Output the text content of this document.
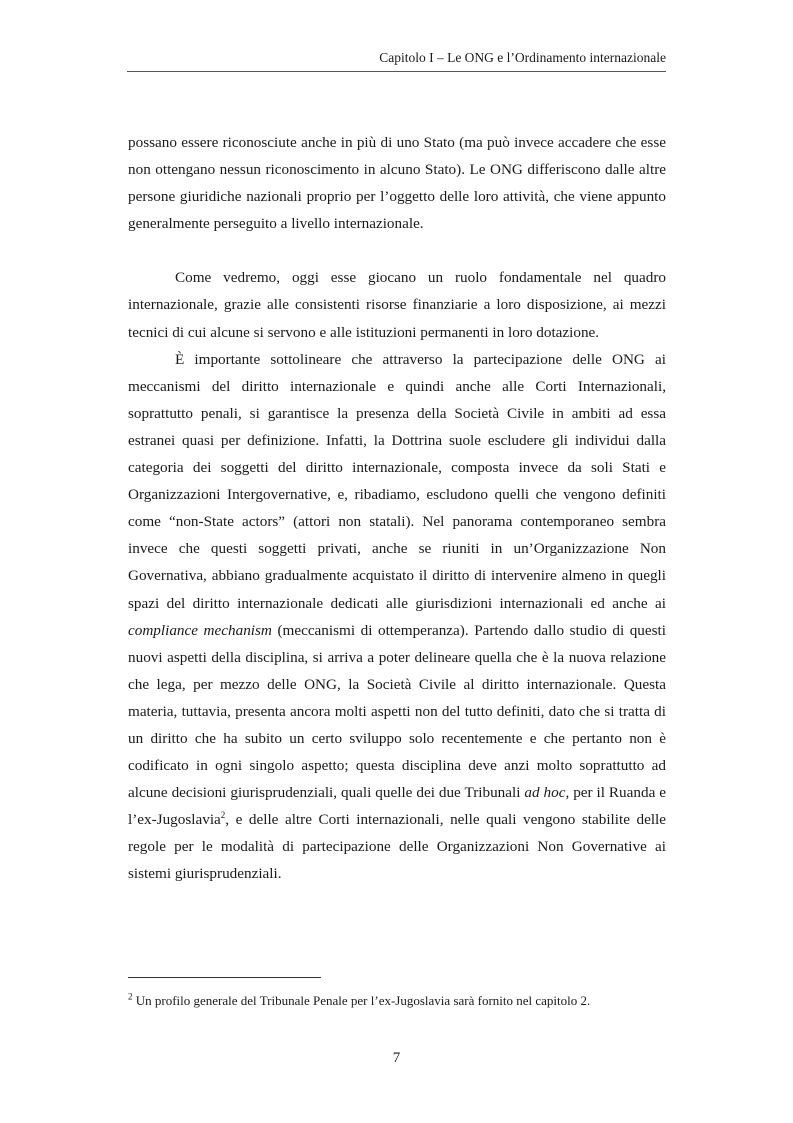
Capitolo I – Le ONG e l’Ordinamento internazionale

possano essere riconosciute anche in più di uno Stato (ma può invece accadere che esse non ottengano nessun riconoscimento in alcuno Stato). Le ONG differiscono dalle altre persone giuridiche nazionali proprio per l’oggetto delle loro attività, che viene appunto generalmente perseguito a livello internazionale.

Come vedremo, oggi esse giocano un ruolo fondamentale nel quadro internazionale, grazie alle consistenti risorse finanziarie a loro disposizione, ai mezzi tecnici di cui alcune si servono e alle istituzioni permanenti in loro dotazione.

È importante sottolineare che attraverso la partecipazione delle ONG ai meccanismi del diritto internazionale e quindi anche alle Corti Internazionali, soprattutto penali, si garantisce la presenza della Società Civile in ambiti ad essa estranei quasi per definizione. Infatti, la Dottrina suole escludere gli individui dalla categoria dei soggetti del diritto internazionale, composta invece da soli Stati e Organizzazioni Intergovernative, e, ribadiamo, escludono quelli che vengono definiti come “non-State actors” (attori non statali). Nel panorama contemporaneo sembra invece che questi soggetti privati, anche se riuniti in un’Organizzazione Non Governativa, abbiano gradualmente acquistato il diritto di intervenire almeno in quegli spazi del diritto internazionale dedicati alle giurisdizioni internazionali ed anche ai compliance mechanism (meccanismi di ottemperanza). Partendo dallo studio di questi nuovi aspetti della disciplina, si arriva a poter delineare quella che è la nuova relazione che lega, per mezzo delle ONG, la Società Civile al diritto internazionale. Questa materia, tuttavia, presenta ancora molti aspetti non del tutto definiti, dato che si tratta di un diritto che ha subito un certo sviluppo solo recentemente e che pertanto non è codificato in ogni singolo aspetto; questa disciplina deve anzi molto soprattutto ad alcune decisioni giurisprudenziali, quali quelle dei due Tribunali ad hoc, per il Ruanda e l’ex-Jugoslavia$^2$, e delle altre Corti internazionali, nelle quali vengono stabilite delle regole per le modalità di partecipazione delle Organizzazioni Non Governative ai sistemi giurisprudenziali.

$^2$ Un profilo generale del Tribunale Penale per l’ex-Jugoslavia sarà fornito nel capitolo 2.
7
